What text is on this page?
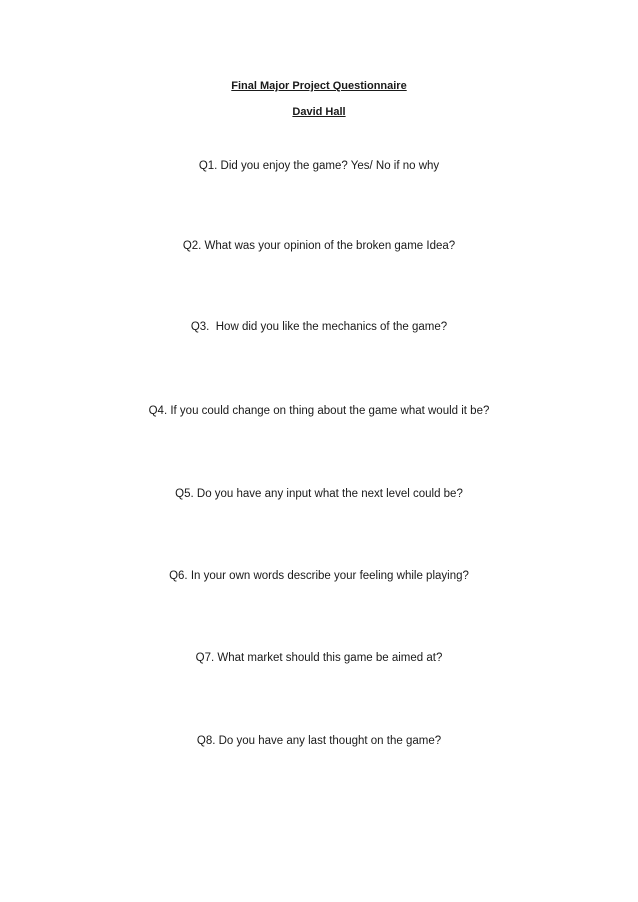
Final Major Project Questionnaire
David Hall
Q1. Did you enjoy the game? Yes/ No if no why
Q2. What was your opinion of the broken game Idea?
Q3.  How did you like the mechanics of the game?
Q4. If you could change on thing about the game what would it be?
Q5. Do you have any input what the next level could be?
Q6. In your own words describe your feeling while playing?
Q7. What market should this game be aimed at?
Q8. Do you have any last thought on the game?
